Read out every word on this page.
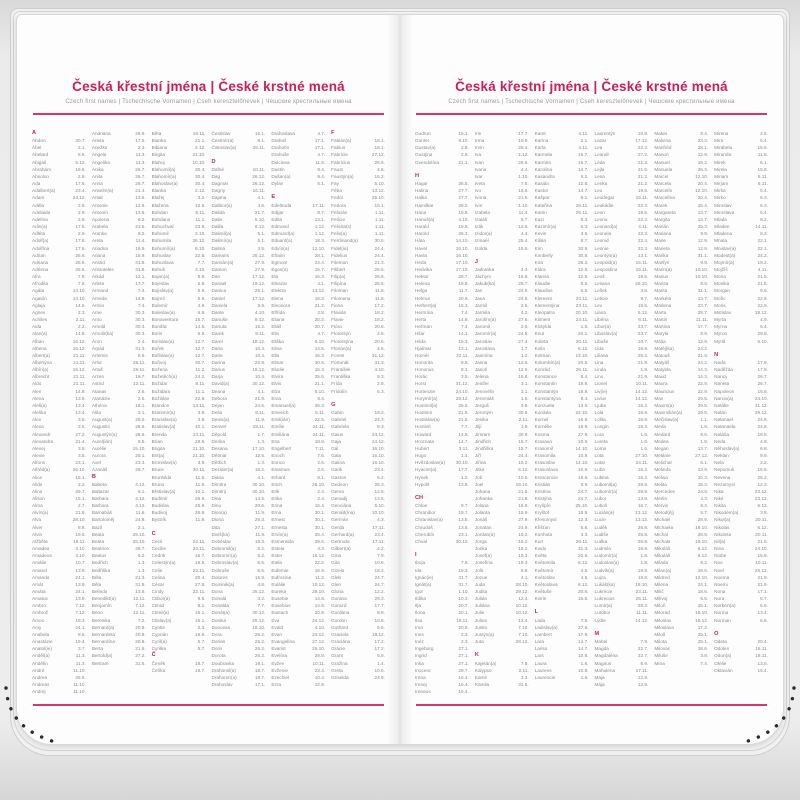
Česká křestní jména | České krstné mená
Czech first names | Tschechische Vornamen | Cseh keresztelőnevek | Чешские крестильные имена
A
Abdon	30.7.
Ábel	2.1.
Abelard	5.6.
Abigail	5.12.
Abrahám	16.6.
Absolon	2.9.
Ada	17.6.
Adalbert(a)	23.4.
Adam	24.12.
Adéla	2.9.
Adelaida	2.9.
Adelína	2.9.
Adin(a)	17.6.
Adléta	2.9.
Adolf(a)	17.6.
Adolfína	17.6.
Adrian	26.6.
Adriana	26.6.
Adriena	26.6.
Afra	7.8.
Afrodita	7.8.
Agáta	14.10.
Agatón	14.10.
Aglaja	14.5.
Agnes	2.3.
Achiles	2.11.
Aida	2.2.
Alan(a)	14.8.
Alban	16.12.
Albena	16.12.
Albert(a)	21.11.
Albertýna	21.11.
Albín(a)	16.12.
Albrecht	21.11.
Aldo	21.11.
Alen	14.8.
Alena	13.8.
Aleš(a)	13.4.
Aleška	13.4.
Alex	3.5.
Alexa	3.5.
Alexandr	27.2.
Alexandra	21.4.
Alexej	3.5.
Alexie	3.5.
Alfons	23.1.
Alfréd(a)	26.10.
Alice	15.1.
Alida	2.2.
Alina	29.7.
Alison	15.1.
Alma	2.7.
Alvín(a)	21.6.
Alva	28.10.
Alver	8.8.
Alvin	19.5.
Alžběta	19.11.
Amadea	3.10.
Amadeus	3.10.
Amálie	10.7.
Amand	13.9.
Amanda	24.1.
Amát	13.9.
Amáta	24.1.
Amatus	13.9.
Ambro	7.12.
Ambrož	7.12.
Ámos	18.3.
Amy	24.1.
Anabela	9.6.
Anastázie	15.4.
Anatol(ie)	3.7.
Anděl(a)	11.3.
Andělín	11.3.
André	11.10.
Andrea	26.9.
Andreas	11.10.
Andrej	11.10.
Andriana	26.9.
Aneta	17.5.
Anežka	2.3.
Angela	11.3.
Angelika	11.3.
Anika	26.7.
Anita	26.7.
Anna	26.7.
Anselm(a)	21.4.
Antal	13.6.
Antonie	12.6.
Antonín	13.6.
Apolena	8.2.
Arabela	23.6.
Aranka	8.2.
Areta	11.4.
Ariadna	16.9.
Ariana	16.9.
Aristid	31.8.
Aristoteles	31.8.
Arkád	12.1.
Arleta	17.7.
Armand	7.4.
Armida	14.9.
Armin	7.4.
Arne	30.3.
Arno	30.3.
Arnold	30.3.
Arnošt(ka)	30.3.
Áron	2.4.
Árpád	31.3.
Artemis	8.6.
Artur	26.11.
Artuš	26.11.
Arzen	19.7.
Astrid	12.11.
Atanas	2.5.
Atanázie	2.5.
Athéna	18.1.
Atila	3.1.
August(a)	28.6.
Augustin	28.6.
Augustýn(a)	28.6.
Aurel(ián)	8.5.
Aurélie	15.10.
Aurora	25.1.
Axel	23.3.
Azariáš	29.7.
B
Babeta	4.12.
Baltazar	6.1.
Barbara	4.12.
Barbora	4.12.
Barnabáš	11.6.
Bartoloměj	24.8.
Bazil	2.1.
Beata	25.10.
Beáta	25.10.
Beatrice	28.7.
Beatus	5.2.
Bedřich	1.3.
Bedřiška	1.3.
Béla	21.3.
Běla	31.8.
Belinda	13.8.
Benedikt(a)	12.11.
Benjamín	7.12.
Beno	12.11.
Berenika	7.2.
Bernard(a)	20.8.
Bernardeta	20.8.
Bernardína	20.8.
Berta	21.6.
Bertold(a)	27.2.
Bertram	31.5.
Běta	19.11.
Bianka	21.1.
Bibiana	2.12.
Birgita	21.10.
Blahoj	10.10.
Blahomil(a)	30.4.
Blahomír(a)	30.4.
Blahoslav(a)	30.4.
Blanka	2.12.
Blažej	3.2.
Blažena	10.5.
Bohdan	8.11.
Bohdana	11.1.
Bohuchval	23.8.
Bohumil	3.10.
Bohumila	26.12.
Bohumír(a)	8.10.
Bohuslav	22.8.
Bohuslava	7.7.
Bohuš	3.10.
Bojan(a)	5.9.
Bojeslav	5.9.
Bojislav(a)	5.9.
Bojmír	5.9.
Bolemír	4.9.
Boleslav(a)	6.9.
Bonaventura	15.7.
Bonifác	14.5.
Boris	5.9.
Borislav(a)	12.7.
Bořek	12.7.
Bořislav(a)	12.7.
Bořivoj	30.7.
Božena	11.2.
Božetěch(a)	24.2.
Božidar	8.11.
Božidara	11.1.
Božislav	22.8.
Brandon	13.11.
Branimír(a)	3.9.
Branislav(a)	3.9.
Bratislav(a)	10.1.
Brenda	13.11.
Brian	28.9.
Brigita	21.10.
Brit(a)	21.10.
Bronislav(a)	3.9.
Bruce	30.11.
Brunhilda	11.6.
Bruno	11.6.
Břetislav(a)	10.1.
Budimír	26.9.
Budislav	26.9.
Budivoj	26.9.
Bystrík	11.9.
C
Cecil	22.11.
Cecílie	22.11.
Cedrik	16.7.
Celestýn(a)	19.5.
Celie	22.11.
Celina	20.4.
César	27.8.
Cindy	22.11.
Ctibor(a)	9.5.
Ctirad	8.1.
Ctimil(a)	16.1.
Ctislav(a)	16.1.
Cyntie	2.3.
Cyprián	19.6.
Cyril(a)	5.7.
Cyrilka	5.7.
Č
Čeněk	19.7.
Čeňka	19.7.
Čestislav	16.1.
Čestmír(a)	9.1.
Čistoslav(a)	25.11.
D
Dafné	10.11.
Dag	26.12.
Dagmar	26.12.
Dagny	16.11.
Dajana	4.1.
Dalibor(a)	4.6.
Dalida	21.7.
Dalie	5.10.
Dalila	6.12.
Dalimil(a)	5.1.
Dalimír(a)	5.1.
Dalma	3.5.
Damaris	26.12.
Damián(a)	27.9.
Damon	27.9.
Dan	17.12.
Danael	19.12.
Danica	26.1.
Daniel	17.12.
Daniela	9.9.
Dante	4.10.
Danuše	9.12.
Danuta	16.2.
Darek	9.11.
Darel	19.12.
Daria	10.4.
Darie	10.4.
Darina	22.9.
Darius	19.12.
Darja	10.4.
David(a)	30.12.
Deana	4.1.
Debora	21.9.
Dejan	24.6.
Delia	8.11.
Denis(a)	11.9.
Denver	19.11.
Děpold	1.7.
Derika	1.3.
Desana	17.10.
Dětmar	12.5.
Dětřich	1.3.
Dezider(a)	15.2.
Diana	4.1.
Dimitra	30.10.
Dimitrij	30.10.
Dina	14.5.
Dino	20.6.
Dion(a)	11.9.
Diona	25.3.
Dita	27.1.
Diviš(ka)	11.9.
Doběslav	15.3.
Dobromil(a)	5.2.
Dobromír(a)	5.2.
Dobroslav(a)	5.6.
Dobruše	5.6.
Dolores	15.9.
Dominik(a)	4.8.
Dona	26.12.
Donald	3.2.
Donalda	7.7.
Donát(a)	30.12.
Donika	26.12.
Donovan	18.10.
Dora	26.2.
Dorian	25.2.
Doris	26.2.
Dorota	26.2.
Doubravka	19.1.
Drahomil(a)	18.7.
Drahomír(a)	18.7.
Drahoslav	17.1.
Drahoslava	4.7.
Drahoš	17.1.
Drahotín	17.1.
Drahuše	4.7.
Dulcinea	11.8.
Dustin	8.4.
Dušan(a)	9.4.
Dylan	5.1.
E
Edeltruda	17.11.
Edgar	8.7.
Edita	13.1.
Edmond	1.12.
Edmund(a)	1.12.
Eduard(a)	18.3.
Edvín(a)	12.10.
Efraim	28.1.
Egmont	24.4.
Egon(a)	15.7.
Ela	16.3.
Eleazar	4.1.
Elektra	13.12.
Elena	16.3.
Eleonora	21.2.
Elfrída	2.8.
Eliana	20.2.
Eliáš	20.7.
Elin	4.7.
Eliška	5.10.
Elina	14.5.
Ella	16.3.
Elmar	30.5.
Elodie	16.3.
Elvíra	25.6.
Elvis	21.1.
Elza	5.10.
Ema	8.4.
Emanuel(a)	26.3.
Emerich	5.11.
Emil(ián)	22.5.
Emílie	24.11.
Emiliána	24.11.
Ena	18.8.
Engelbert	7.11.
Enoch	7.6.
Enrico	2.6.
Erasmus	2.6.
Erhard	8.1.
Erich	26.10.
Erik	2.4.
Erika	2.4.
Erina	16.4.
Erna	30.1.
Ernest	30.1.
Ernesta	30.1.
Ervín(a)	25.4.
Esmeralda	29.6.
Estela	4.3.
Ester	18.12.
Etela	22.2.
Eufemie	16.9.
Eufrozina	11.2.
Eulálie	10.12.
Eureka	29.10.
Eusebie	14.8.
Eusebius	14.8.
Eustach	20.9.
Eva	24.12.
Evald	4.10.
Evan	24.12.
Evangelína	27.12.
Evarist	26.10.
Evelína	29.8.
Evžen	10.11.
Evženie	23.4.
Ezechiel	10.4.
Ezra	12.9.
F
Fabián(a)	18.1.
Fabius	18.1.
Fabricie	27.12.
Fabricius	25.6.
Faust	4.6.
Faustýn(a)	15.2.
Fay	5.10.
Féba	13.12.
Fedor	25.10.
Fedora	15.1.
Felicián	1.11.
Felície	1.11.
Felicita(s)	1.11.
Felix(a)	1.11.
Ferdinand(a)	30.5.
Fidel(ia)	24.4.
Fidelius	24.4.
Filemon	21.3.
Filibert	26.5.
Filip(a)	26.5.
Filipína	26.5.
Filoman	11.8.
Filomena	11.8.
Fiona	17.2.
Flavián	18.2.
Flavie	18.2.
Flóra	20.6.
Florentýn	4.5.
Florentýna	20.6.
Florián(a)	4.5.
Forest	31.12.
Fortunát	31.3.
František	4.10.
Františka	9.3.
Frída	2.8.
Frídolín	6.3.
G
Gabin	19.2.
Gabriel	24.3.
Gabriela	8.3.
Gaius	24.12.
Gaja	24.12.
Gál	16.10.
Gala	16.10.
Galina	16.10.
Garik	23.4.
Gaston	6.2.
Gedeon	26.3.
Gema	12.5.
Genadij	13.6.
Genciána	5.10.
Gerald(ína)	10.10.
Germán	4.3.
Gerda	17.11.
Gerhard(a)	23.4.
Gertruda	17.11.
Gilbert(a)	4.2.
Gina	7.9.
Gita	10.6.
Gizela	18.2.
Gleb	24.7.
Glen	24.7.
Gloria	12.2.
Gorana	29.3.
Gorazd	17.7.
Gordana	8.9.
Gordon	10.5.
Gothard	5.5.
Graciela	18.12.
Graciána	17.2.
Grácie	17.2.
Grant	6.9.
Gražina	1.4.
Greta	10.6.
Griselda	24.9.
Česká křestní jména | České krstné mená
Czech first names | Tschechische Vornamen | Cseh keresztelőnevek | Чешские крестильные имена
Gudrun	15.1.
Gunter	9.10.
Gustav(a)	2.8.
Gustýna	2.8.
Gvendolína	21.1.
H
Hagar	26.5.
Halina	27.7.
Halka	27.7.
Hamilkar	28.2.
Hana	15.8.
Hanuš(a)	4.10.
Harald	15.5.
Harold	26.3.
Háta	14.10.
Havel	16.10.
Havla	16.10.
Heda	17.10.
Hedvika	17.10.
Hektor	28.7.
Helena	18.8.
Helga	11.7.
Helmut	20.9.
Herbert(a)	16.3.
Hermína	7.4.
Herta	14.6.
Heřman	7.4.
Hilar	14.1.
Hilda	15.3.
Hjalmar	13.1.
Homér	22.11.
Honorita	8.5.
Honorius	8.1.
Horác	3.5.
Horst	31.12.
Hortenzie	24.10.
Horymír(a)	29.12.
Hostimil(a)	25.5.
Hostimír	21.5.
Hostislav(a)	21.5.
Hostivít	7.7.
Howard	14.5.
Hroznata	14.7.
Hubert	3.11.
Hugo	1.4.
Hvězdoslav(a) 30.10.
Hyacint(a)	17.7.
Hynek	1.2.
Hypolit	13.8.
CH
Chloe	9.7.
Chranibor	19.7.
Chranislav(a)	13.5.
Chrudoš	13.5.
Cherubín	23.1.
Chval	30.12.
I
Iboja	7.8.
Ida	15.3.
Ignác(ie)	31.7.
Ignát(a)	31.7.
Igor	1.10.
Ildika	10.3.
Ilja	20.7.
Ilona	20.1.
Ilsa	19.11.
Ima	20.9.
Ines	2.3.
Inéz	2.3.
Ingeborg	27.1.
Ingrid	27.1.
Inka	27.1.
Inocenc	28.7.
Irena	16.4.
Irenej	16.4.
Ireneus	16.4.
Iris	17.7.
Irma	10.9.
Irvin	25.4.
Iva	1.12.
Ivan	25.6.
Ivana	4.4.
Ivar	1.10.
Iveta	7.6.
Ivo	19.5.
Ivona	21.5.
Ivor	1.10.
Izabela	11.4.
Izaiáš	6.7.
Izák	12.6.
Izidor(a)	4.4.
Izmael	25.4.
Izolda	15.6.
J
Jadranka	4.3.
Jáchym	16.8.
Jakub(ka)	25.7.
Jan	24.6.
Jana	24.5.
Jarmil	2.6.
Jarmila	4.2.
Jarolím(a)	27.6.
Jaromil	2.6.
Jaromír(a)	24.9.
Jaroslav	27.4.
Jaroslava	1.7.
Jasmína	1.2.
Jasna	12.6.
Jasoň	12.6.
Jelena	18.8.
Jenifer	3.1.
Jenovéfa	3.1.
Jeremiáš	1.5.
Jerguš	3.8.
Jeroným	30.9.
Jesika	2.11.
Jiljí	1.9.
Jimram	30.9.
Jindřich	15.7.
Jindřiška	15.7.
Jiří	24.4.
Jiřina	15.2.
Jitka	5.12.
Job	10.5.
Joel	19.10.
Johana	21.8.
Johanka	21.8.
Jolana	15.9.
Jolanta	15.9.
Jonáš	27.9.
Jonatan	24.9.
Jordan(a)	15.2.
Jorga	15.2.
Jorika	15.2.
Josef(a)	19.3.
Josefína	19.3.
Jošt	9.8.
Jozue	4.1.
Juda	28.10.
Judita	29.12.
Julián	12.4.
Juliána	10.12.
Julie	10.12.
Julius	12.4.
Justin	7.10.
Justýn(a)	7.10.
Juta	28.12.
K
Kajetán(a)	7.8.
Kalypso	2.11.
Kamil	3.3.
Kamila	31.5.
Karel	4.11.
Karina	2.1.
Karla	4.11.
Karmela	16.7.
Karmen	16.7.
Karolína	14.7.
Kasandra	6.2.
Kasián	12.8.
Kastor	14.7.
Kašpar	6.1.
Kateřina	25.11.
Katrin	25.11.
Kazi	5.3.
Kazimír(a)	5.3.
Kevin	3.6.
Kilián	8.7.
Kim	30.9.
Kimberly	30.9.
Kira	28.2.
Klára	12.8.
Klarisa	12.8.
Klaudie	5.5.
Klaudius	5.5.
Klement	23.11.
Klementýna	23.11.
Kleopatra	20.10.
Kliment	23.11.
Klotylda	1.6.
Knut	20.1.
Koleta	20.11.
Kolin	6.12.
Kolman	13.10.
Kolombín(a)	20.5.
Konrád	26.11.
Konstance	8.4.
Konstantin	19.9.
Konstantýn	19.9.
Konstantýna	8.4.
Konzuela	13.5.
Kordula	22.10.
Kornel	16.9.
Kornélie	18.9.
Kosma	27.9.
Krasava	10.9.
Krasomil	14.10.
Krasomila	10.9.
Krasoslav	14.10.
Krasoslava	10.9.
Krescencie	15.6.
Kristián	5.9.
Kristína	24.7.
Kristýna	24.7.
Kryšpín	25.10.
Kryštof	18.9.
Křesomysl	12.3.
Křišťan	5.6.
Kunhuta	3.3.
Kurt	26.11.
Kvido	31.3.
Květa	20.6.
Květomila	8.12.
Květomír	4.5.
Květoslav	4.5.
Květoslava	8.12.
Květuše	20.6.
Kvirin	16.6.
L
Lada	7.8.
Ladislav(a)	27.6.
Lambert	17.9.
Lara	14.7.
Larisa	14.7.
Lars	10.8.
Laura	1.6.
Laurens	10.8.
Laurencie	1.6.
Laurentýn	10.8.
Lazar	17.12.
Lea	22.3.
Leandr	27.2.
Léda	21.2.
Lejla	21.6.
Lena	21.2.
Lenka	21.2.
Leo	19.6.
Leodegar	15.11.
Leokádie	22.3.
Leon	19.6.
Leona	22.3.
Leonard(a)	4.11.
Leonela	22.3.
Leonid	22.4.
Leonie	22.3.
Leontýn(a)	13.1.
Leopold(a)	15.11.
Leopoldina	15.11.
Leoš	19.6.
Lesana	29.10.
Lešek	3.6.
Leticie	9.7.
Lev	19.6.
Liana	5.12.
Liběna	6.11.
Libor(a)	23.7.
Liboslav(a)	23.7.
Libuše	10.7.
Lída	16.9.
Liliana	25.2.
Lina	21.9.
Linda	1.9.
Lino	21.9.
Lionel	10.11.
Liv(ie)	14.12.
Livius	14.12.
Ljuba	16.2.
Lola	16.9.
Lolita	16.9.
Longin	15.3.
Lora	1.6.
Loreta	1.6.
Lorna	1.6.
Lota	27.10.
Lotar	24.11.
Luba	16.2.
Lubina	16.2.
Lubomil(a)	28.9.
Lubomír(a)	28.9.
Lubor	13.9.
Luboš	16.7.
Lucián(a)	13.12.
Lucie	13.12.
Luděk	26.8.
Ludiše	26.8.
Ludka	26.8.
Ludmila	16.9.
Ludomír(a)	1.8.
Ludoslav(a)	1.8.
Ludvík(a)	19.8.
Lujza	19.8.
Lukáš(ka)	18.10.
Lukrécie	23.11.
Lukrecius	25.11.
Lumír(a)	28.2.
Lutobor	11.11.
Lýdie	14.12.
M
Mabel	7.9.
Magda	22.7.
Magdaléna	22.7.
Magnus	6.9.
Mahulena	17.11.
Maja	12.9.
Mája	12.9.
Makar	8.4.
Malvína	23.3.
Manfréd	28.1.
Manon	12.9.
Manuel	19.2.
Manuela	26.3.
Marcel	12.10.
Marcela	20.4.
Marcelín	12.10.
Marcelína	20.4.
Marek	25.4.
Margareta	13.7.
Margita	13.7.
Marián	25.3.
Mariana	9.9.
Marie	12.9.
Mariela	12.9.
Marika	31.1.
Marilyn	9.9.
Marin(a)	10.10.
Marius	10.10.
Marisa	8.9.
Marita	31.1.
Markéta	13.7.
Marlena	23.7.
Marta	29.7.
Martin	11.11.
Martina	17.7.
Maryla	8.9.
Máša	12.9.
Matěj(ka)	24.2.
Matouš	21.9.
Matyáš	24.2.
Matylda	14.3.
Maud	14.3.
Maura	22.9.
Mauricius	22.9.
Max	29.5.
Maxim(a)	29.5.
Maximilián(a)	29.5.
Mečislav(a)	1.1.
Meda	1.8.
Medard	8.6.
Medea	1.8.
Megan	13.7.
Melánie	27.12.
Melichar	6.1.
Melinda	13.9.
Melisa	10.3.
Melita	15.3.
Mercedes	24.9.
Merlin	4.3.
Mervin	8.3.
Metod(ěj)	5.7.
Michael	29.9.
Michaela	19.10.
Michal	29.9.
Michala	19.10.
Mikoláš	6.12.
Mikuláš	6.12.
Milada	8.2.
Milan(a)	18.6.
Mildred	12.10.
Milena	24.1.
Milič	18.6.
Milivoj	5.6.
Miloň	25.1.
Milorad	18.10.
Miloslav	18.12.
Miloslava	17.2.
Miloš	25.1.
Milota	25.1.
Milovan	18.6.
Miluše	3.8.
Mína	7.4.
Mirena	2.5.
Mira	5.4.
Mirabela	15.6.
Miranda	11.5.
Mirek	6.1.
Mirela	15.8.
Miriam	5.11.
Mirjam	5.11.
Mirka	5.4.
Mirko	6.3.
Miroslav	6.3.
Miroslava	5.4.
Mlada	8.2.
Mladen	14.11.
Mladena	8.2.
Mnata	22.1.
Mnislav(a)	22.1.
Modest(a)	24.2.
Mojmír(a)	19.2.
Mojžíš	4.11.
Mona	21.5.
Monika	21.5.
Morgan	9.6.
Mořic	22.9.
Moris	22.9.
Mstislav	18.12.
Myrta	4.9.
Myrna	5.4.
Myron	29.8.
Myrtil	5.10.
N
Naďa	17.9.
Naděžda	17.9.
Nancy	26.7.
Naneta	26.7.
Napoleon	15.8.
Narcis(a)	24.10.
Natálie	31.12.
Natan	29.12.
Natanael	24.8.
Natanaela	24.8.
Nataša	18.5.
Neda	4.8.
Něhoslav(a)	6.8.
Neklan	9.9.
Nela	2.2.
Nepomuk	16.5.
Nevena	25.2.
Nezamysl	12.3.
Nika	23.12.
Niké	23.12.
Nikita	6.12.
Nikodém(a)	3.8.
Nikol(a)	20.11.
Nikolas	6.12.
Nikoleta	20.11.
Nil(a)	21.5.
Nina	24.10.
Niobe	15.9.
Noe	10.11.
Noel	25.12.
Noema	21.9.
Noemi	21.9.
Nona	17.1.
Nora	6.7.
Norbert(a)	6.6.
Norma	13.4.
Norman	6.6.
O
Odeta	20.4.
Odolen	16.11.
Odon(a)	18.11.
Ofélie	13.5.
Oktavián	15.4.
